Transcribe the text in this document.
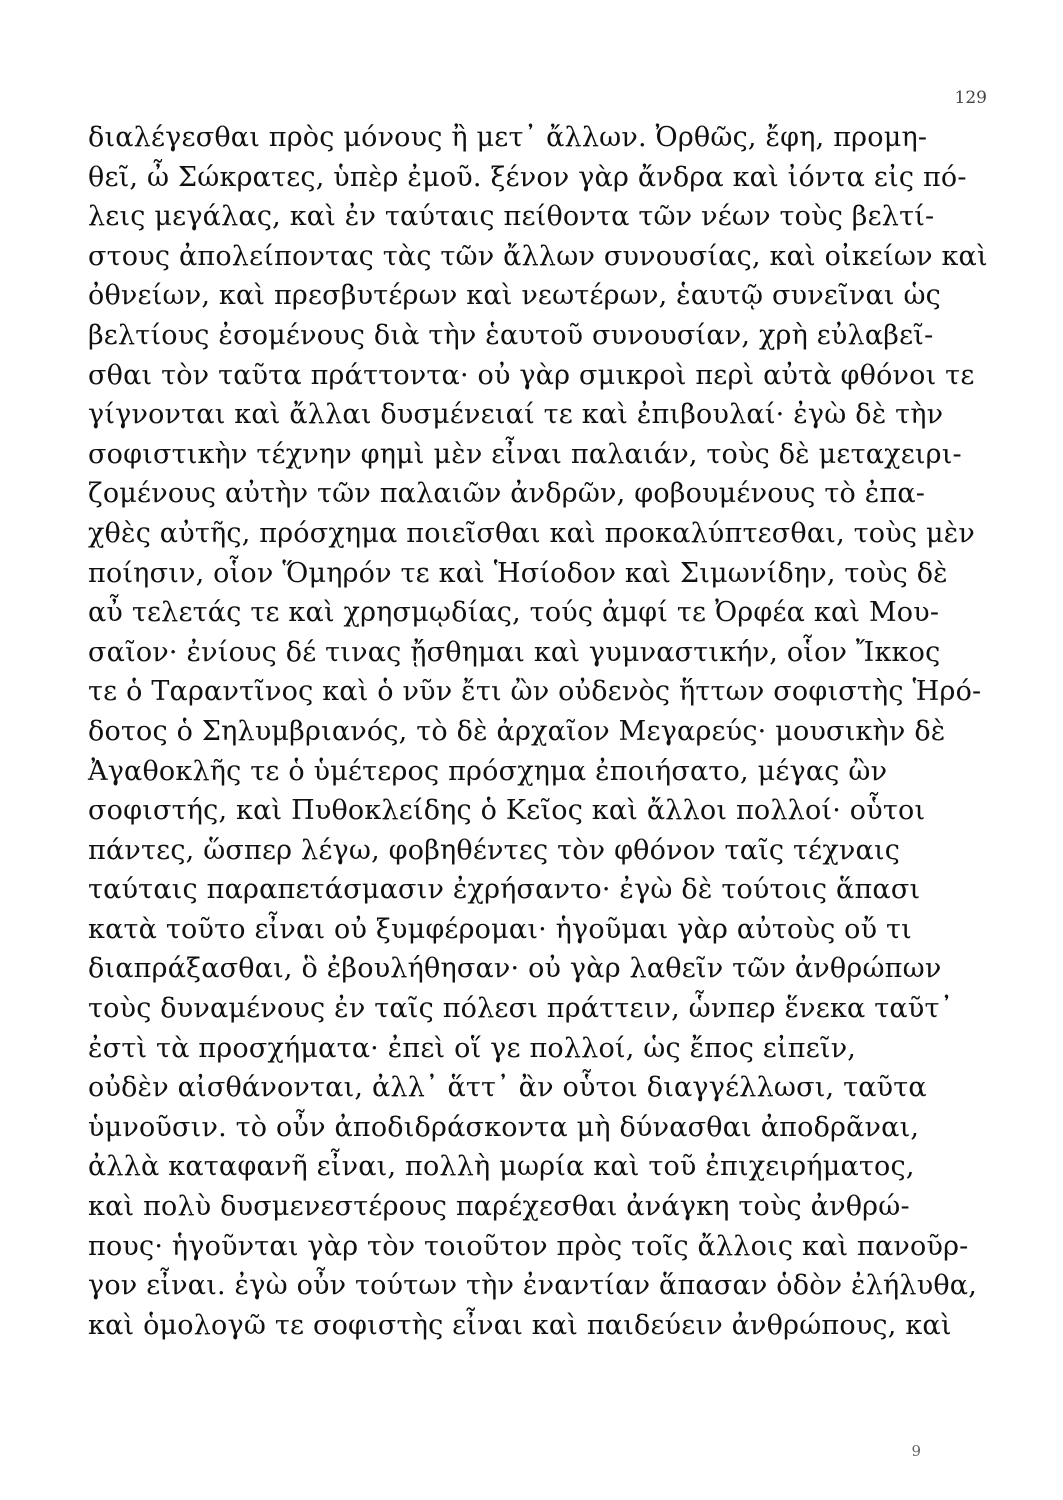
129
διαλέγεσθαι πρὸς μόνους ἢ μετ᾽ ἄλλων. Ὀρθῶς, ἔφη, προμη-
θεῖ, ὦ Σώκρατες, ὑπὲρ ἐμοῦ. ξένον γὰρ ἄνδρα καὶ ἰόντα εἰς πό-
λεις μεγάλας, καὶ ἐν ταύταις πείθοντα τῶν νέων τοὺς βελτί-
στους ἀπολείποντας τὰς τῶν ἄλλων συνουσίας, καὶ οἰκείων καὶ
ὀθνείων, καὶ πρεσβυτέρων καὶ νεωτέρων, ἑαυτῷ συνεῖναι ὡς
βελτίους ἐσομένους διὰ τὴν ἑαυτοῦ συνουσίαν, χρὴ εὐλαβεῖ-
σθαι τὸν ταῦτα πράττοντα· οὐ γὰρ σμικροὶ περὶ αὐτὰ φθόνοι τε
γίγνονται καὶ ἄλλαι δυσμένειαί τε καὶ ἐπιβουλαί· ἐγὼ δὲ τὴν
σοφιστικὴν τέχνην φημὶ μὲν εἶναι παλαιάν, τοὺς δὲ μεταχειρι-
ζομένους αὐτὴν τῶν παλαιῶν ἀνδρῶν, φοβουμένους τὸ ἐπα-
χθὲς αὐτῆς, πρόσχημα ποιεῖσθαι καὶ προκαλύπτεσθαι, τοὺς μὲν
ποίησιν, οἷον Ὅμηρόν τε καὶ Ἡσίοδον καὶ Σιμωνίδην, τοὺς δὲ
αὖ τελετάς τε καὶ χρησμῳδίας, τούς ἀμφί τε Ὀρφέα καὶ Μου-
σαῖον· ἐνίους δέ τινας ᾔσθημαι καὶ γυμναστικήν, οἷον Ἴκκος
τε ὁ Ταραντῖνος καὶ ὁ νῦν ἔτι ὢν οὐδενὸς ἥττων σοφιστὴς Ἡρό-
δοτος ὁ Σηλυμβριανός, τὸ δὲ ἀρχαῖον Μεγαρεύς· μουσικὴν δὲ
Ἀγαθοκλῆς τε ὁ ὑμέτερος πρόσχημα ἐποιήσατο, μέγας ὢν
σοφιστής, καὶ Πυθοκλείδης ὁ Κεῖος καὶ ἄλλοι πολλοί· οὗτοι
πάντες, ὥσπερ λέγω, φοβηθέντες τὸν φθόνον ταῖς τέχναις
ταύταις παραπετάσμασιν ἐχρήσαντο· ἐγὼ δὲ τούτοις ἅπασι
κατὰ τοῦτο εἶναι οὐ ξυμφέρομαι· ἡγοῦμαι γὰρ αὐτοὺς οὔ τι
διαπράξασθαι, ὃ ἐβουλήθησαν· οὐ γὰρ λαθεῖν τῶν ἀνθρώπων
τοὺς δυναμένους ἐν ταῖς πόλεσι πράττειν, ὧνπερ ἕνεκα ταῦτ᾽
ἐστὶ τὰ προσχήματα· ἐπεὶ οἵ γε πολλοί, ὡς ἔπος εἰπεῖν,
οὐδὲν αἰσθάνονται, ἀλλ᾽ ἅττ᾽ ἂν οὗτοι διαγγέλλωσι, ταῦτα
ὑμνοῦσιν. τὸ οὖν ἀποδιδράσκοντα μὴ δύνασθαι ἀποδρᾶναι,
ἀλλὰ καταφανῆ εἶναι, πολλὴ μωρία καὶ τοῦ ἐπιχειρήματος,
καὶ πολὺ δυσμενεστέρους παρέχεσθαι ἀνάγκη τοὺς ἀνθρώ-
πους· ἡγοῦνται γὰρ τὸν τοιοῦτον πρὸς τοῖς ἄλλοις καὶ πανοῦρ-
γον εἶναι. ἐγὼ οὖν τούτων τὴν ἐναντίαν ἅπασαν ὁδὸν ἐλήλυθα,
καὶ ὁμολογῶ τε σοφιστὴς εἶναι καὶ παιδεύειν ἀνθρώπους, καὶ
9
